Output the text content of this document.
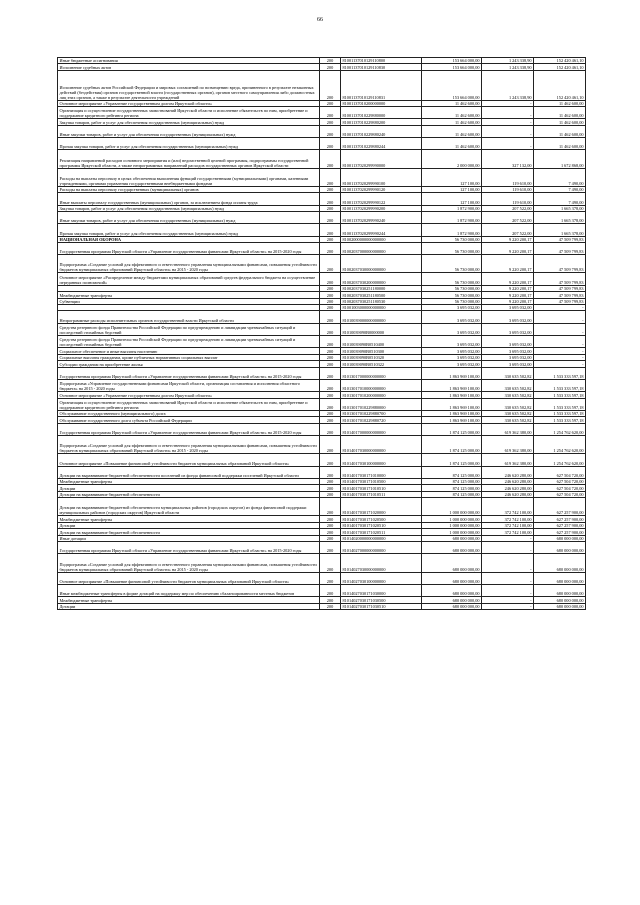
66
Иные бюджетные ассигнования	200	81001137010129110800	153 664 000,00	1 243 338,90	152 420 461,10
Исполнение судебных актов	200	81001137010129110830	153 664 000,00	1 243 338,90	152 420 461,10
Исполнение судебных актов Российской Федерации и мировых соглашений по возмещению вреда, причиненного в результате незаконных действий (бездействия) органов государственной власти (государственных органов), органов местного самоуправления либо должностных лиц этих органов, а также в результате деятельности учреждений	200	81001137010129110831	153 664 000,00	1 243 338,90	152 420 461,10
Основное мероприятие «Управление государственным долгом Иркутской области»	200	81001137010200000000	11 462 600,00	-	11 462 600,00
Организация и осуществление государственных заимствований Иркутской области и исполнение обязательств по ним, приобретение и поддержание кредитного рейтинга региона	200	81001137010229880000	11 462 600,00	-	11 462 600,00
Закупка товаров, работ и услуг для обеспечения государственных (муниципальных) нужд	200	81001137010229880200	11 462 600,00	-	11 462 600,00
Иные закупки товаров, работ и услуг для обеспечения государственных (муниципальных) нужд	200	81001137010229880240	11 462 600,00	-	11 462 600,00
Прочая закупка товаров, работ и услуг для обеспечения государственных (муниципальных) нужд	200	81001137010229880244	11 462 600,00	-	11 462 600,00
Реализация направлений расходов основного мероприятия и (или) ведомственной целевой программы, подпрограммы государственной программы Иркутской области, а также непрограммных направлений расходов государственных органов Иркутской области	200	81001137020299990000	2 000 000,00	327 132,00	1 672 868,00
Расходы на выплаты персоналу в целях обеспечения выполнения функций государственными (муниципальными) органами, казенными учреждениями, органами управления государственными внебюджетными фондами	200	81001137020299990100	127 100,00	119 610,00	7 490,00
Расходы на выплаты персоналу государственных (муниципальных) органов	200	81001137020299990120	127 100,00	119 610,00	7 490,00
Иные выплаты персоналу государственных (муниципальных) органов, за исключением фонда оплаты труда	200	81001137020299990122	127 100,00	119 610,00	7 490,00
Закупка товаров, работ и услуг для обеспечения государственных (муниципальных) нужд	200	81001137020299990200	1 872 900,00	207 522,00	1 665 378,00
Иные закупки товаров, работ и услуг для обеспечения государственных (муниципальных) нужд	200	81001137020299990240	1 872 900,00	207 522,00	1 665 378,00
Прочая закупка товаров, работ и услуг для обеспечения государственных (муниципальных) нужд	200	81001137020299990244	1 872 900,00	207 522,00	1 665 378,00
НАЦИОНАЛЬНАЯ ОБОРОНА	200	81002000000000000000	56 730 000,00	9 220 200,17	47 509 799,83
Государственная программа Иркутской области «Управление государственными финансами Иркутской области» на 2015-2020 годы	200	81002037000000000000	56 730 000,00	9 220 200,17	47 509 799,83
Подпрограмма «Создание условий для эффективного и ответственного управления муниципальными финансами, повышения устойчивости бюджетов муниципальных образований Иркутской области» на 2015 - 2020 годы	200	81002037030000000000	56 730 000,00	9 220 200,17	47 509 799,83
Основное мероприятие «Распределение между бюджетами муниципальных образований средств федерального бюджета на осуществление переданных полномочий»	200	81002037030200000000	56 730 000,00	9 220 200,17	47 509 799,83
	200	81002037030251180000	56 730 000,00	9 220 200,17	47 509 799,83
Межбюджетные трансферты	200	81002037030251180500	56 730 000,00	9 220 200,17	47 509 799,83
Субвенции	200	81002037030251180530	56 730 000,00	9 220 200,17	47 509 799,83
	200	81001003000000000000	3 695 032,00	3 695 032,00	-
Непрограммные расходы исполнительных органов государственной власти Иркутской области	200	81010039000000000000	3 695 032,00	3 695 032,00	-
Средства резервного фонда Правительства Российской Федерации по предупреждению и ликвидации чрезвычайных ситуаций и последствий стихийных бедствий	200	81010039090В0000000	3 695 032,00	3 695 032,00	-
Средства резервного фонда Правительства Российской Федерации по предупреждению и ликвидации чрезвычайных ситуаций и последствий стихийных бедствий	200	81010039090В0510400	3 695 032,00	3 695 032,00	-
Социальное обеспечение и иные выплаты населению	200	81010039090В0510300	3 695 032,00	3 695 032,00	-
Социальные выплаты гражданам, кроме публичных нормативных социальных выплат	200	81010039090В0510320	3 695 032,00	3 695 032,00	-
Субсидии гражданам на приобретение жилья	200	81010039090В0510322	3 695 032,00	3 695 032,00	-
Государственная программа Иркутской области «Управление государственными финансами Иркутской области» на 2015-2020 годы	200	81013017000000000000	1 863 969 100,00	330 635 502,82	1 533 333 597,18
Подпрограмма «Управление государственными финансами Иркутской области, организация составления и исполнения областного бюджета» на 2015 - 2020 годы	200	81013017010000000000	1 863 969 100,00	330 635 502,82	1 533 333 597,18
Основное мероприятие «Управление государственным долгом Иркутской области»	200	81013017010200000000	1 863 969 100,00	330 635 502,82	1 533 333 597,18
Организация и осуществление государственных заимствований Иркутской области и исполнение обязательств по ним, приобретение и поддержание кредитного рейтинга региона	200	81013017010229880000	1 863 969 100,00	330 635 502,82	1 533 333 597,18
Обслуживание государственного (муниципального) долга	200	81013017010229880700	1 863 969 100,00	330 635 502,82	1 533 333 597,18
Обслуживание государственного долга субъекта Российской Федерации	200	81013017010229880720	1 863 969 100,00	330 635 502,82	1 533 333 597,18
Государственная программа Иркутской области «Управление государственными финансами Иркутской области» на 2015-2020 годы	200	81014017000000000000	1 874 125 000,00	619 362 380,00	1 254 762 620,00
Подпрограмма «Создание условий для эффективного и ответственного управления муниципальными финансами, повышения устойчивости бюджетов муниципальных образований Иркутской области» на 2015 - 2020 годы	200	81014017030000000000	1 874 125 000,00	619 362 380,00	1 254 762 620,00
Основное мероприятие «Повышение финансовой устойчивости бюджетов муниципальных образований Иркутской области»	200	81014017030100000000	1 874 125 000,00	619 362 380,00	1 254 762 620,00
Дотации на выравнивание бюджетной обеспеченности поселений из фонда финансовой поддержки поселений Иркутской области	200	81014017030171010000	874 125 000,00	246 620 280,00	627 504 720,00
Межбюджетные трансферты	200	81014017030171010500	874 125 000,00	246 620 280,00	627 504 720,00
Дотации	200	81014017030171010510	874 125 000,00	246 620 280,00	627 504 720,00
Дотации на выравнивание бюджетной обеспеченности	200	81014017030171010511	874 125 000,00	246 620 280,00	627 504 720,00
Дотации на выравнивание бюджетной обеспеченности муниципальных районов (городских округов) из фонда финансовой поддержки муниципальных районов (городских округов) Иркутской области	200	81014017030171020000	1 000 000 000,00	372 742 100,00	627 257 900,00
Межбюджетные трансферты	200	81014017030171020500	1 000 000 000,00	372 742 100,00	627 257 900,00
Дотации	200	81014017030171020510	1 000 000 000,00	372 742 100,00	627 257 900,00
Дотации на выравнивание бюджетной обеспеченности	200	81014017030171020511	1 000 000 000,00	372 742 100,00	627 257 900,00
Иные дотации	200	81014020000000000000	680 000 000,00	-	680 000 000,00
Государственная программа Иркутской области «Управление государственными финансами Иркутской области» на 2015-2020 годы	200	81014027000000000000	680 000 000,00	-	680 000 000,00
Подпрограмма «Создание условий для эффективного и ответственного управления муниципальными финансами, повышения устойчивости бюджетов муниципальных образований Иркутской области» на 2015 - 2020 годы	200	81014027030000000000	680 000 000,00	-	680 000 000,00
Основное мероприятие «Повышение финансовой устойчивости бюджетов муниципальных образований Иркутской области»	200	81014027030100000000	680 000 000,00	-	680 000 000,00
Иные межбюджетные трансферты в форме дотаций на поддержку мер по обеспечению сбалансированности местных бюджетов	200	81014027030171030000	680 000 000,00	-	680 000 000,00
Межбюджетные трансферты	200	81014027030171030500	680 000 000,00	-	680 000 000,00
Дотации	200	81014027030171030510	680 000 000,00	-	680 000 000,00
